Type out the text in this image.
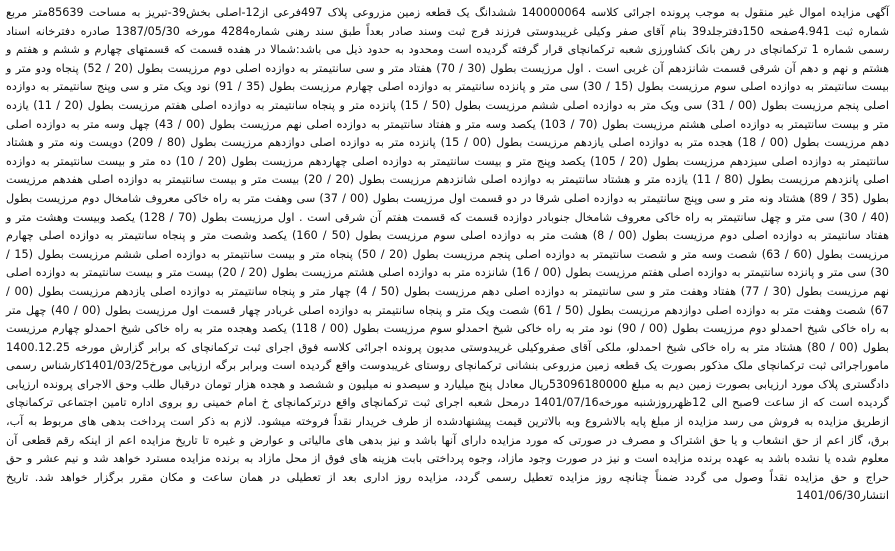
آگهی مزایده اموال غیر منقول به موجب پرونده اجرائی کلاسه 140000064 ششدانگ یک قطعه زمین مزروعی پلاک 497فرعی از12-اصلی بخش39-تبریز به مساحت 85639متر مربع شماره ثبت 4.941صفحه 150دفترجلد39 بنام آقای صفر وکیلی غریبدوستی فرزند فرج ثبت وسند صادر بعداً طبق سند رهنی شماره4284 مورخه 1387/05/30 صادره دفترخانه اسناد رسمی شماره 1 ترکمانچای در رهن بانک کشاورزی شعبه ترکمانچای قرار گرفته گردیده است ومحدود به حدود ذیل می باشد:شمالا در هفده قسمت که قسمتهای چهارم و ششم و هفتم و هشتم و نهم و دهم آن شرقی قسمت شانزدهم آن غربی است . اول مرزیست بطول (30 / 70) هفتاد متر و سی سانتیمتر به دوازده اصلی دوم مرزیست بطول (20 / 52) پنجاه ودو متر و بیست سانتیمتر به دوازده اصلی سوم مرزیست بطول (15 / 30) سی متر و پانزده سانتیمتر به دوازده اصلی چهارم مرزیست بطول (35 / 91) نود ویک متر و سی وپنج سانتیمتر به دوازده اصلی پنجم مرزیست بطول (00 / 31) سی ویک متر به دوازده اصلی ششم مرزیست بطول (50 / 15) پانزده متر و پنجاه سانتیمتر به دوازده اصلی هفتم مرزیست بطول (20 / 11) یازده متر و بیست سانتیمتر به دوازده اصلی هشتم مرزیست بطول (70 / 103) یکصد وسه متر و هفتاد سانتیمتر به دوازده اصلی نهم مرزیست بطول (00 / 43) چهل وسه متر به دوازده اصلی دهم مرزیست بطول (00 / 18) هجده متر به دوازده اصلی یازدهم مرزیست بطول (00 / 15) پانزده متر به دوازده اصلی دوازدهم مرزیست بطول (80 / 209) دویست ونه متر و هشتاد سانتیمتر به دوازده اصلی سیزدهم مرزیست بطول (20 / 105) یکصد وپنج متر و بیست سانتیمتر به دوازده اصلی چهاردهم مرزیست بطول (20 / 10) ده متر و بیست سانتیمتر به دوازده اصلی پانزدهم مرزیست بطول (80 / 11) یازده متر و هشتاد سانتیمتر به دوازده اصلی شانزدهم مرزیست بطول (20 / 20) بیست متر و بیست سانتیمتر به دوازده اصلی هفدهم مرزیست بطول (35 / 89) هشتاد ونه متر و سی وپنج سانتیمتر به دوازده اصلی شرقا در دو قسمت اول مرزیست بطول (00 / 37) سی وهفت متر به راه خاکی معروف شامخال دوم مرزیست بطول (40 / 30) سی متر و چهل سانتیمتر به راه خاکی معروف شامخال جنوبادر دوازده قسمت که قسمت هفتم آن شرقی است . اول مرزیست بطول (70 / 128) یکصد وبیست وهشت متر و هفتاد سانتیمتر به دوازده اصلی دوم مرزیست بطول (00 / 8) هشت متر به دوازده اصلی سوم مرزیست بطول (50 / 160) یکصد وشصت متر و پنجاه سانتیمتر به دوازده اصلی چهارم مرزیست بطول (60 / 63) شصت وسه متر و شصت سانتیمتر به دوازده اصلی پنجم مرزیست بطول (20 / 50) پنجاه متر و بیست سانتیمتر به دوازده اصلی ششم مرزیست بطول (15 / 30) سی متر و پانزده سانتیمتر به دوازده اصلی هفتم مرزیست بطول (00 / 16) شانزده متر به دوازده اصلی هشتم مرزیست بطول (20 / 20) بیست متر و بیست سانتیمتر به دوازده اصلی نهم مرزیست بطول (30 / 77) هفتاد وهفت متر و سی سانتیمتر به دوازده اصلی دهم مرزیست بطول (50 / 4) چهار متر و پنجاه سانتیمتر به دوازده اصلی یازدهم مرزیست بطول (00 / 67) شصت وهفت متر به دوازده اصلی دوازدهم مرزیست بطول (50 / 61) شصت ویک متر و پنجاه سانتیمتر به دوازده اصلی غربادر چهار قسمت اول مرزیست بطول (00 / 40) چهل متر به راه خاکی شیخ احمدلو دوم مرزیست بطول (00 / 90) نود متر به راه خاکی شیخ احمدلو سوم مرزیست بطول (00 / 118) یکصد وهجده متر به راه خاکی شیخ احمدلو چهارم مرزیست بطول (00 / 80) هشتاد متر به راه خاکی شیخ احمدلو، ملکی آقای صفروکیلی غریبدوستی مدیون پرونده اجرائی کلاسه فوق اجرای ثبت ترکمانچای که برابر گزارش مورخه 1400.12.25 ماموراجرائی ثبت ترکمانچای ملک مذکور بصورت یک قطعه زمین مزروعی بنشانی ترکمانچای روستای غریبدوست واقع گردیده است وبرابر برگه ارزیابی مورخ1401/03/25کارشناس رسمی دادگستری پلاک مورد ارزیابی بصورت زمین دیم به مبلغ 53096180000ریال معادل پنج میلیارد و سیصدو نه میلیون و ششصد و هجده هزار تومان درقبال طلب وحق الاجرای پرونده ارزیابی گردیده است که از ساعت 9صبح الی 12ظهرروزشنبه مورخه1401/07/16 درمحل شعبه اجرای ثبت ترکمانچای واقع درترکمانچای خ امام خمینی رو بروی اداره تامین اجتماعی ترکمانچای ازطریق مزایده به فروش می رسد مزایده از مبلغ پایه بالاشروع وبه بالاترین قیمت پیشنهادشده از طرف خریدار نقداً فروخته میشود. لازم به ذکر است پرداخت بدهی های مربوط به آب، برق، گاز اعم از حق انشعاب و یا حق اشتراک و مصرف در صورتی که مورد مزایده دارای آنها باشد و نیز بدهی های مالیاتی و عوارض و غیره تا تاریخ مزایده اعم از اینکه رقم قطعی آن معلوم شده یا نشده باشد به عهده برنده مزایده است و نیز در صورت وجود مازاد، وجوه پرداختی بابت هزینه های فوق از محل مازاد به برنده مزایده مسترد خواهد شد و نیم عشر و حق حراج و حق مزایده نقداً وصول می گردد ضمناً چنانچه روز مزایده تعطیل رسمی گردد، مزایده روز اداری بعد از تعطیلی در همان ساعت و مکان مقرر برگزار خواهد شد. تاریخ انتشار1401/06/30
